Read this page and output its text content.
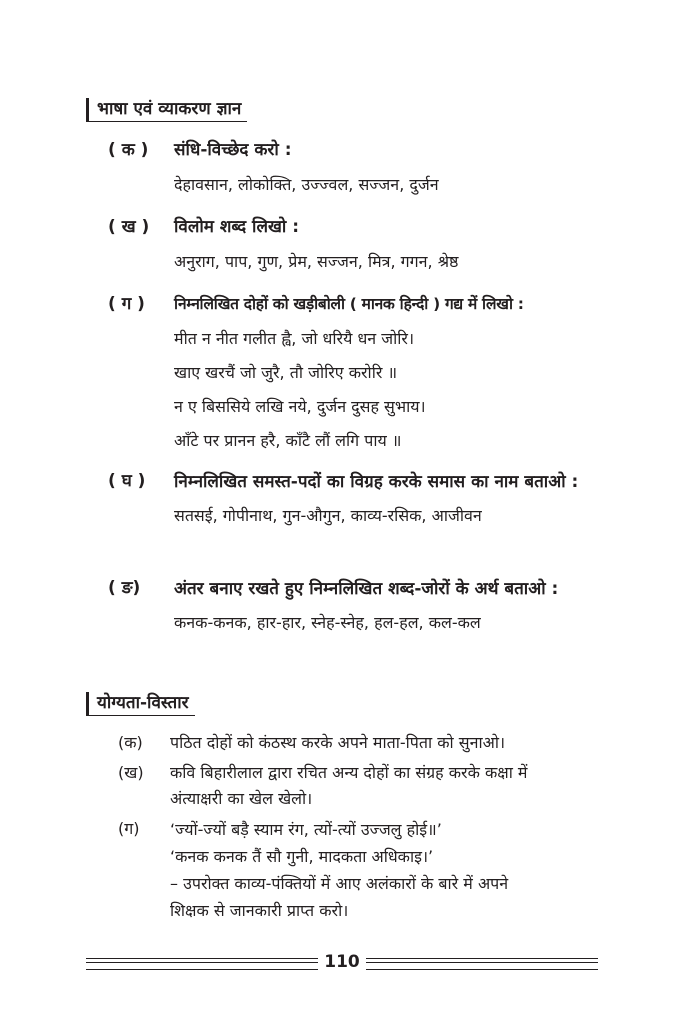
भाषा एवं व्याकरण ज्ञान
( क ) संधि-विच्छेद करो :
देहावसान, लोकोक्ति, उज्ज्वल, सज्जन, दुर्जन
( ख ) विलोम शब्द लिखो :
अनुराग, पाप, गुण, प्रेम, सज्जन, मित्र, गगन, श्रेष्ठ
( ग ) निम्नलिखित दोहों को खड़ीबोली ( मानक हिन्दी ) गद्य में लिखो :
मीत न नीत गलीत ह्वै, जो धरियै धन जोरि।
खाए खरचैं जो जुरै, तौ जोरिए करोरि ॥
न ए बिससिये लखि नये, दुर्जन दुसह सुभाय।
आँटे पर प्रानन हरै, काँटै लौं लगि पाय ॥
( घ ) निम्नलिखित समस्त-पदों का विग्रह करके समास का नाम बताओ :
सतसई, गोपीनाथ, गुन-औगुन, काव्य-रसिक, आजीवन
( ङ) अंतर बनाए रखते हुए निम्नलिखित शब्द-जोरों के अर्थ बताओ :
कनक-कनक, हार-हार, स्नेह-स्नेह, हल-हल, कल-कल
योग्यता-विस्तार
(क) पठित दोहों को कंठस्थ करके अपने माता-पिता को सुनाओ।
(ख) कवि बिहारीलाल द्वारा रचित अन्य दोहों का संग्रह करके कक्षा में
अंत्याक्षरी का खेल खेलो।
(ग) ‘ज्यों-ज्यों बड़ै स्याम रंग, त्यों-त्यों उज्जलु होई॥’
‘कनक कनक तैं सौ गुनी, मादकता अधिकाइ।’
– उपरोक्त काव्य-पंक्तियों में आए अलंकारों के बारे में अपने
शिक्षक से जानकारी प्राप्त करो।
110
